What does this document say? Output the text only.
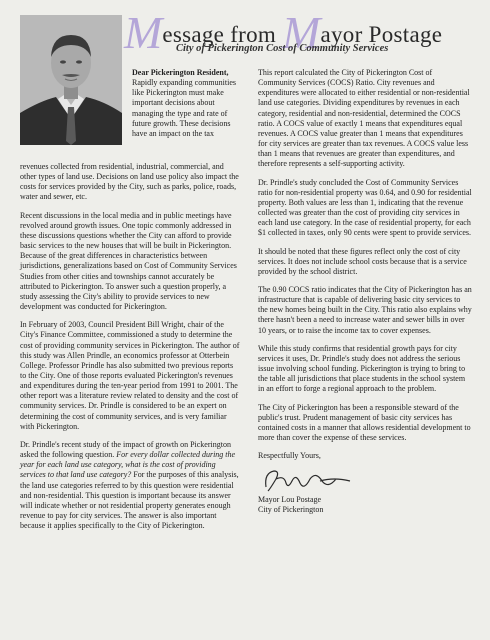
Message from Mayor Postage
City of Pickerington Cost of Community Services

Dear Pickerington Resident, Rapidly expanding communities like Pickerington must make important decisions about managing the type and rate of future growth. These decisions have an impact on the tax

revenues collected from residential, industrial, commercial, and other types of land use. Decisions on land use policy also impact the costs for services provided by the City, such as parks, police, roads, water and sewer, etc.

Recent discussions in the local media and in public meetings have revolved around growth issues. One topic commonly addressed in these discussions questions whether the City can afford to provide basic services to the new houses that will be built in Pickerington. Because of the great differences in characteristics between jurisdictions, generalizations based on Cost of Community Services Studies from other cities and townships cannot accurately be attributed to Pickerington. To answer such a question properly, a study assessing the City's ability to provide services to new development was conducted for Pickerington.

In February of 2003, Council President Bill Wright, chair of the City's Finance Committee, commissioned a study to determine the cost of providing community services in Pickerington. The author of this study was Allen Prindle, an economics professor at Otterbein College. Professor Prindle has also submitted two previous reports to the City. One of those reports evaluated Pickerington's revenues and expenditures during the ten-year period from 1991 to 2001. The other report was a literature review related to density and the cost of community services. Dr. Prindle is considered to be an expert on determining the cost of community services, and is very familiar with Pickerington.

Dr. Prindle's recent study of the impact of growth on Pickerington asked the following question. For every dollar collected during the year for each land use category, what is the cost of providing services to that land use category? For the purposes of this analysis, the land use categories referred to by this question were residential and non-residential. This question is important because its answer will indicate whether or not residential property generates enough revenue to pay for city services. The answer is also important because it applies specifically to the City of Pickerington.

This report calculated the City of Pickerington Cost of Community Services (COCS) Ratio. City revenues and expenditures were allocated to either residential or non-residential land use categories. Dividing expenditures by revenues in each category, residential and non-residential, determined the COCS ratio. A COCS value of exactly 1 means that expenditures equal revenues. A COCS value greater than 1 means that expenditures for city services are greater than tax revenues. A COCS value less than 1 means that revenues are greater than expenditures, and therefore represents a self-supporting activity.

Dr. Prindle's study concluded the Cost of Community Services ratio for non-residential property was 0.64, and 0.90 for residential property. Both values are less than 1, indicating that the revenue collected was greater than the cost of providing city services in each land use category. In the case of residential property, for each $1 collected in taxes, only 90 cents were spent to provide services.

It should be noted that these figures reflect only the cost of city services. It does not include school costs because that is a service provided by the school district.

The 0.90 COCS ratio indicates that the City of Pickerington has an infrastructure that is capable of delivering basic city services to the new homes being built in the City. This ratio also explains why there hasn't been a need to increase water and sewer bills in over 10 years, or to raise the income tax to cover expenses.

While this study confirms that residential growth pays for city services it uses, Dr. Prindle's study does not address the serious issue involving school funding. Pickerington is trying to bring to the table all jurisdictions that place students in the school system in an effort to forge a regional approach to the problem.

The City of Pickerington has been a responsible steward of the public's trust. Prudent management of basic city services has contained costs in a manner that allows residential development to more than cover the expense of these services.

Respectfully Yours,

Mayor Lou Postage
City of Pickerington
